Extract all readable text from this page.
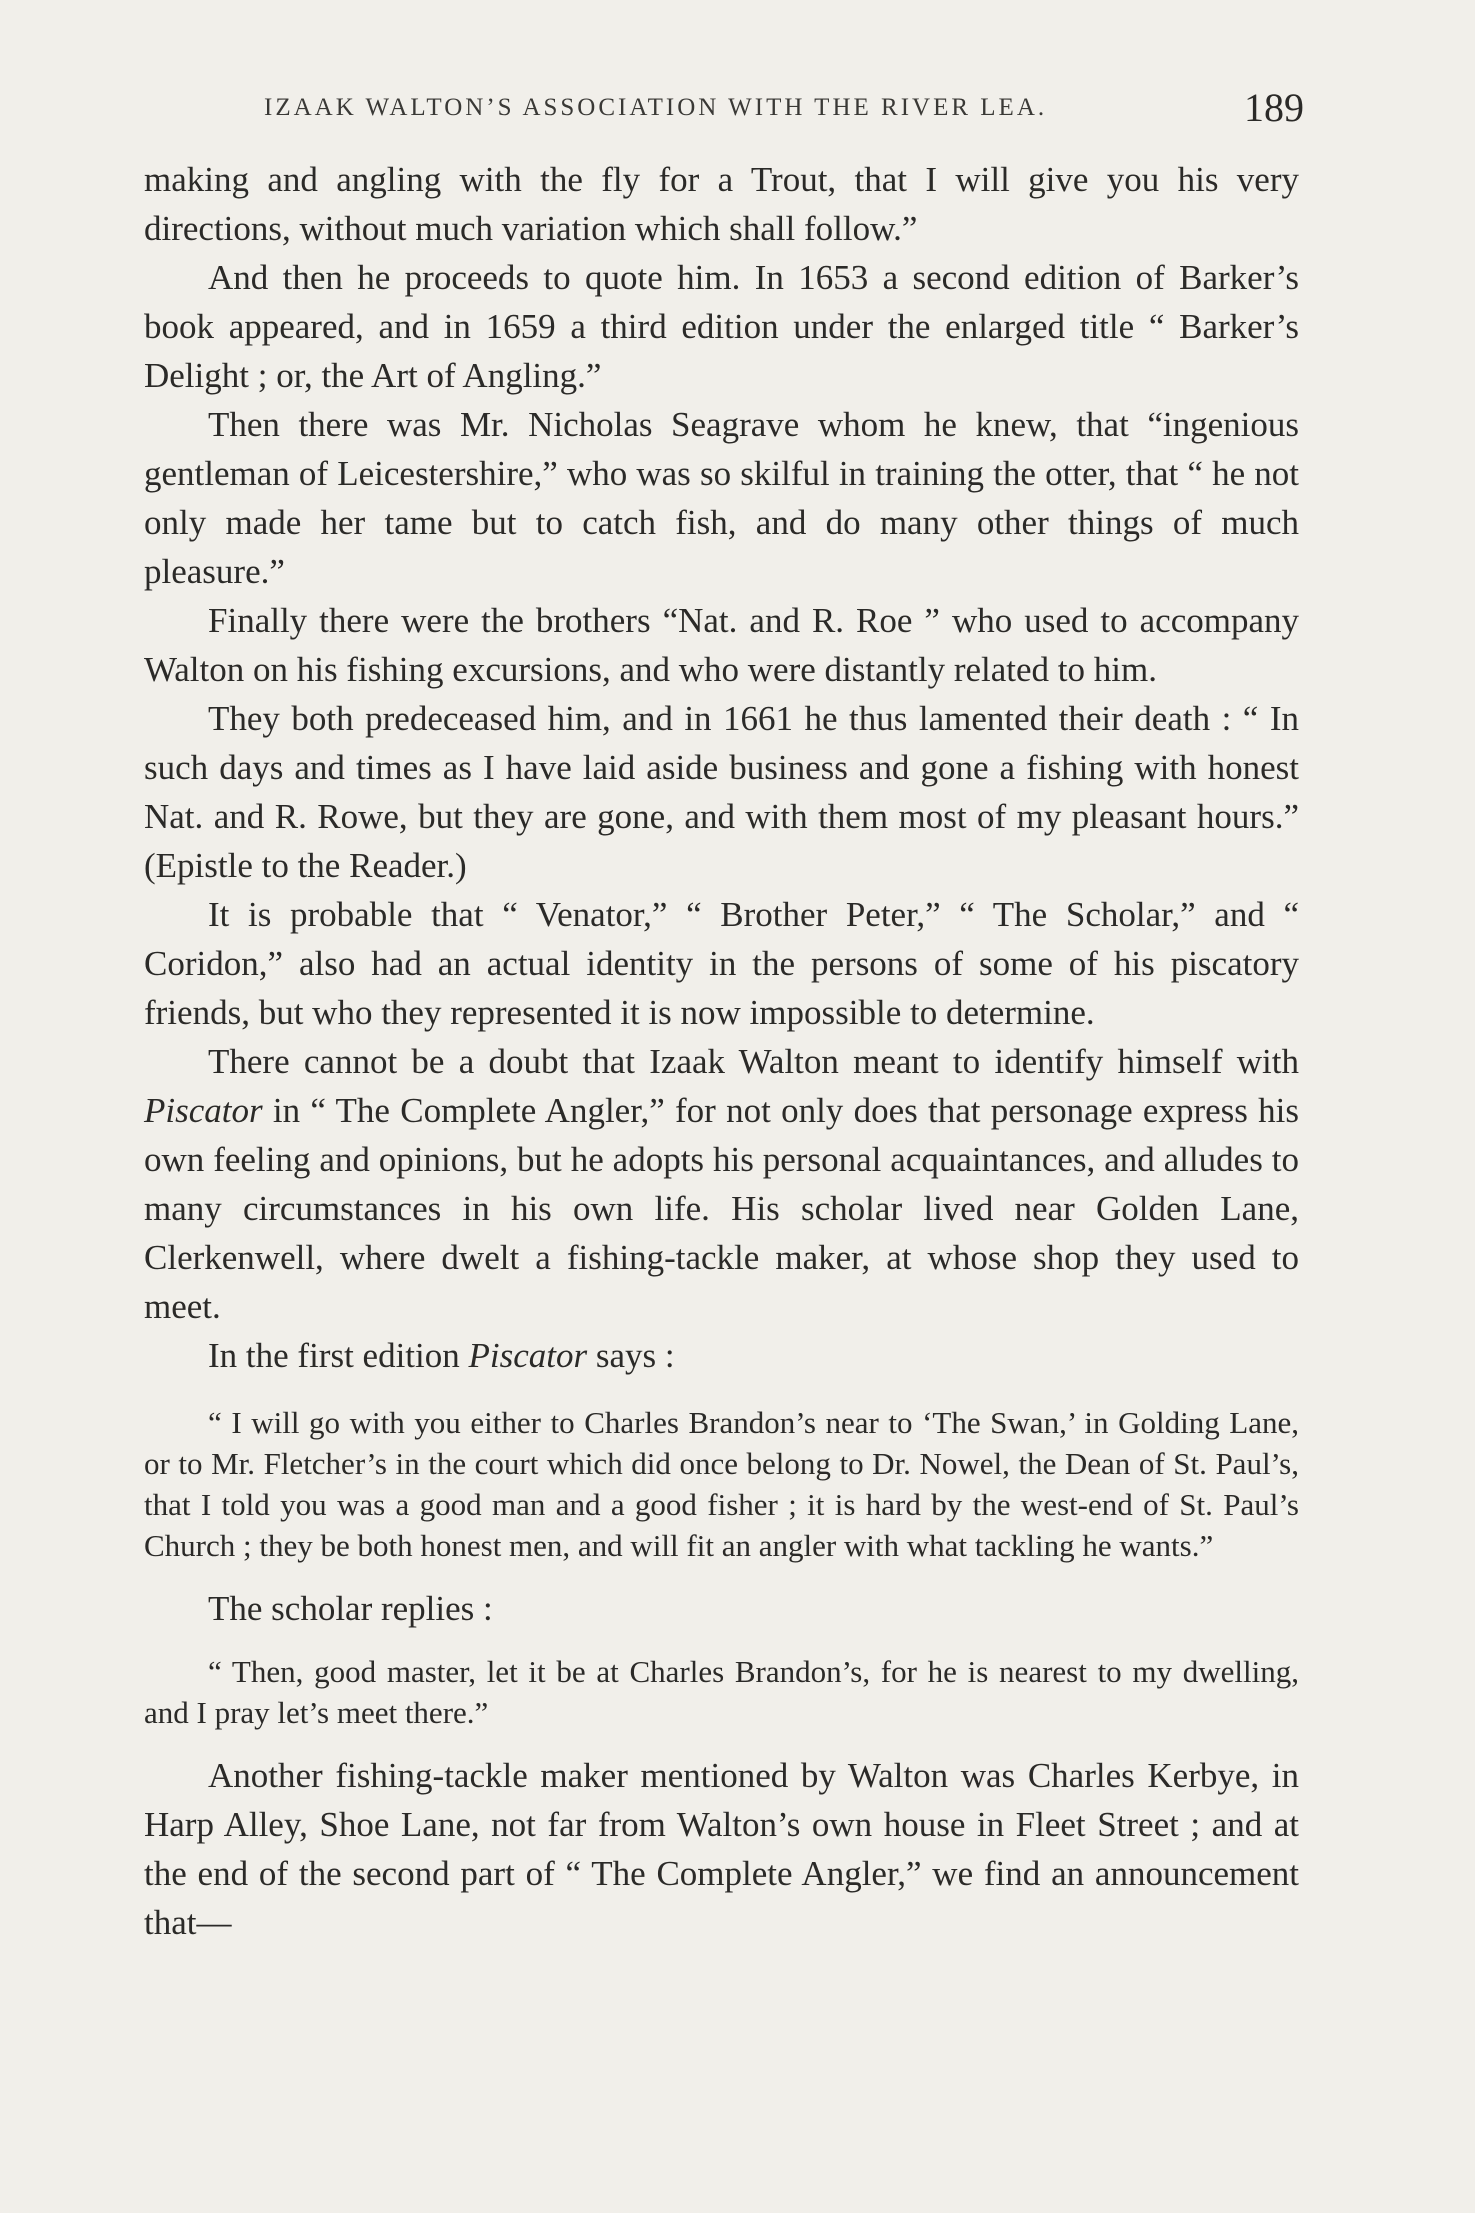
IZAAK WALTON’S ASSOCIATION WITH THE RIVER LEA.	189

making and angling with the fly for a Trout, that I will give you his very directions, without much variation which shall follow.”

And then he proceeds to quote him. In 1653 a second edition of Barker’s book appeared, and in 1659 a third edition under the enlarged title “ Barker’s Delight ; or, the Art of Angling.”

Then there was Mr. Nicholas Seagrave whom he knew, that “ingenious gentleman of Leicestershire,” who was so skilful in training the otter, that “ he not only made her tame but to catch fish, and do many other things of much pleasure.”

Finally there were the brothers “Nat. and R. Roe ” who used to accompany Walton on his fishing excursions, and who were distantly related to him.

They both predeceased him, and in 1661 he thus lamented their death : “ In such days and times as I have laid aside business and gone a fishing with honest Nat. and R. Rowe, but they are gone, and with them most of my pleasant hours.” (Epistle to the Reader.)

It is probable that “ Venator,” “ Brother Peter,” “ The Scholar,” and “ Coridon,” also had an actual identity in the persons of some of his piscatory friends, but who they represented it is now impossible to determine.

There cannot be a doubt that Izaak Walton meant to identify himself with Piscator in “ The Complete Angler,” for not only does that personage express his own feeling and opinions, but he adopts his personal acquaintances, and alludes to many circumstances in his own life. His scholar lived near Golden Lane, Clerkenwell, where dwelt a fishing-tackle maker, at whose shop they used to meet.

In the first edition Piscator says :

“ I will go with you either to Charles Brandon’s near to ‘The Swan,’ in Golding Lane, or to Mr. Fletcher’s in the court which did once belong to Dr. Nowel, the Dean of St. Paul’s, that I told you was a good man and a good fisher ; it is hard by the west-end of St. Paul’s Church ; they be both honest men, and will fit an angler with what tackling he wants.”

The scholar replies :

“ Then, good master, let it be at Charles Brandon’s, for he is nearest to my dwelling, and I pray let’s meet there.”

Another fishing-tackle maker mentioned by Walton was Charles Kerbye, in Harp Alley, Shoe Lane, not far from Walton’s own house in Fleet Street ; and at the end of the second part of “ The Complete Angler,” we find an announcement that—
